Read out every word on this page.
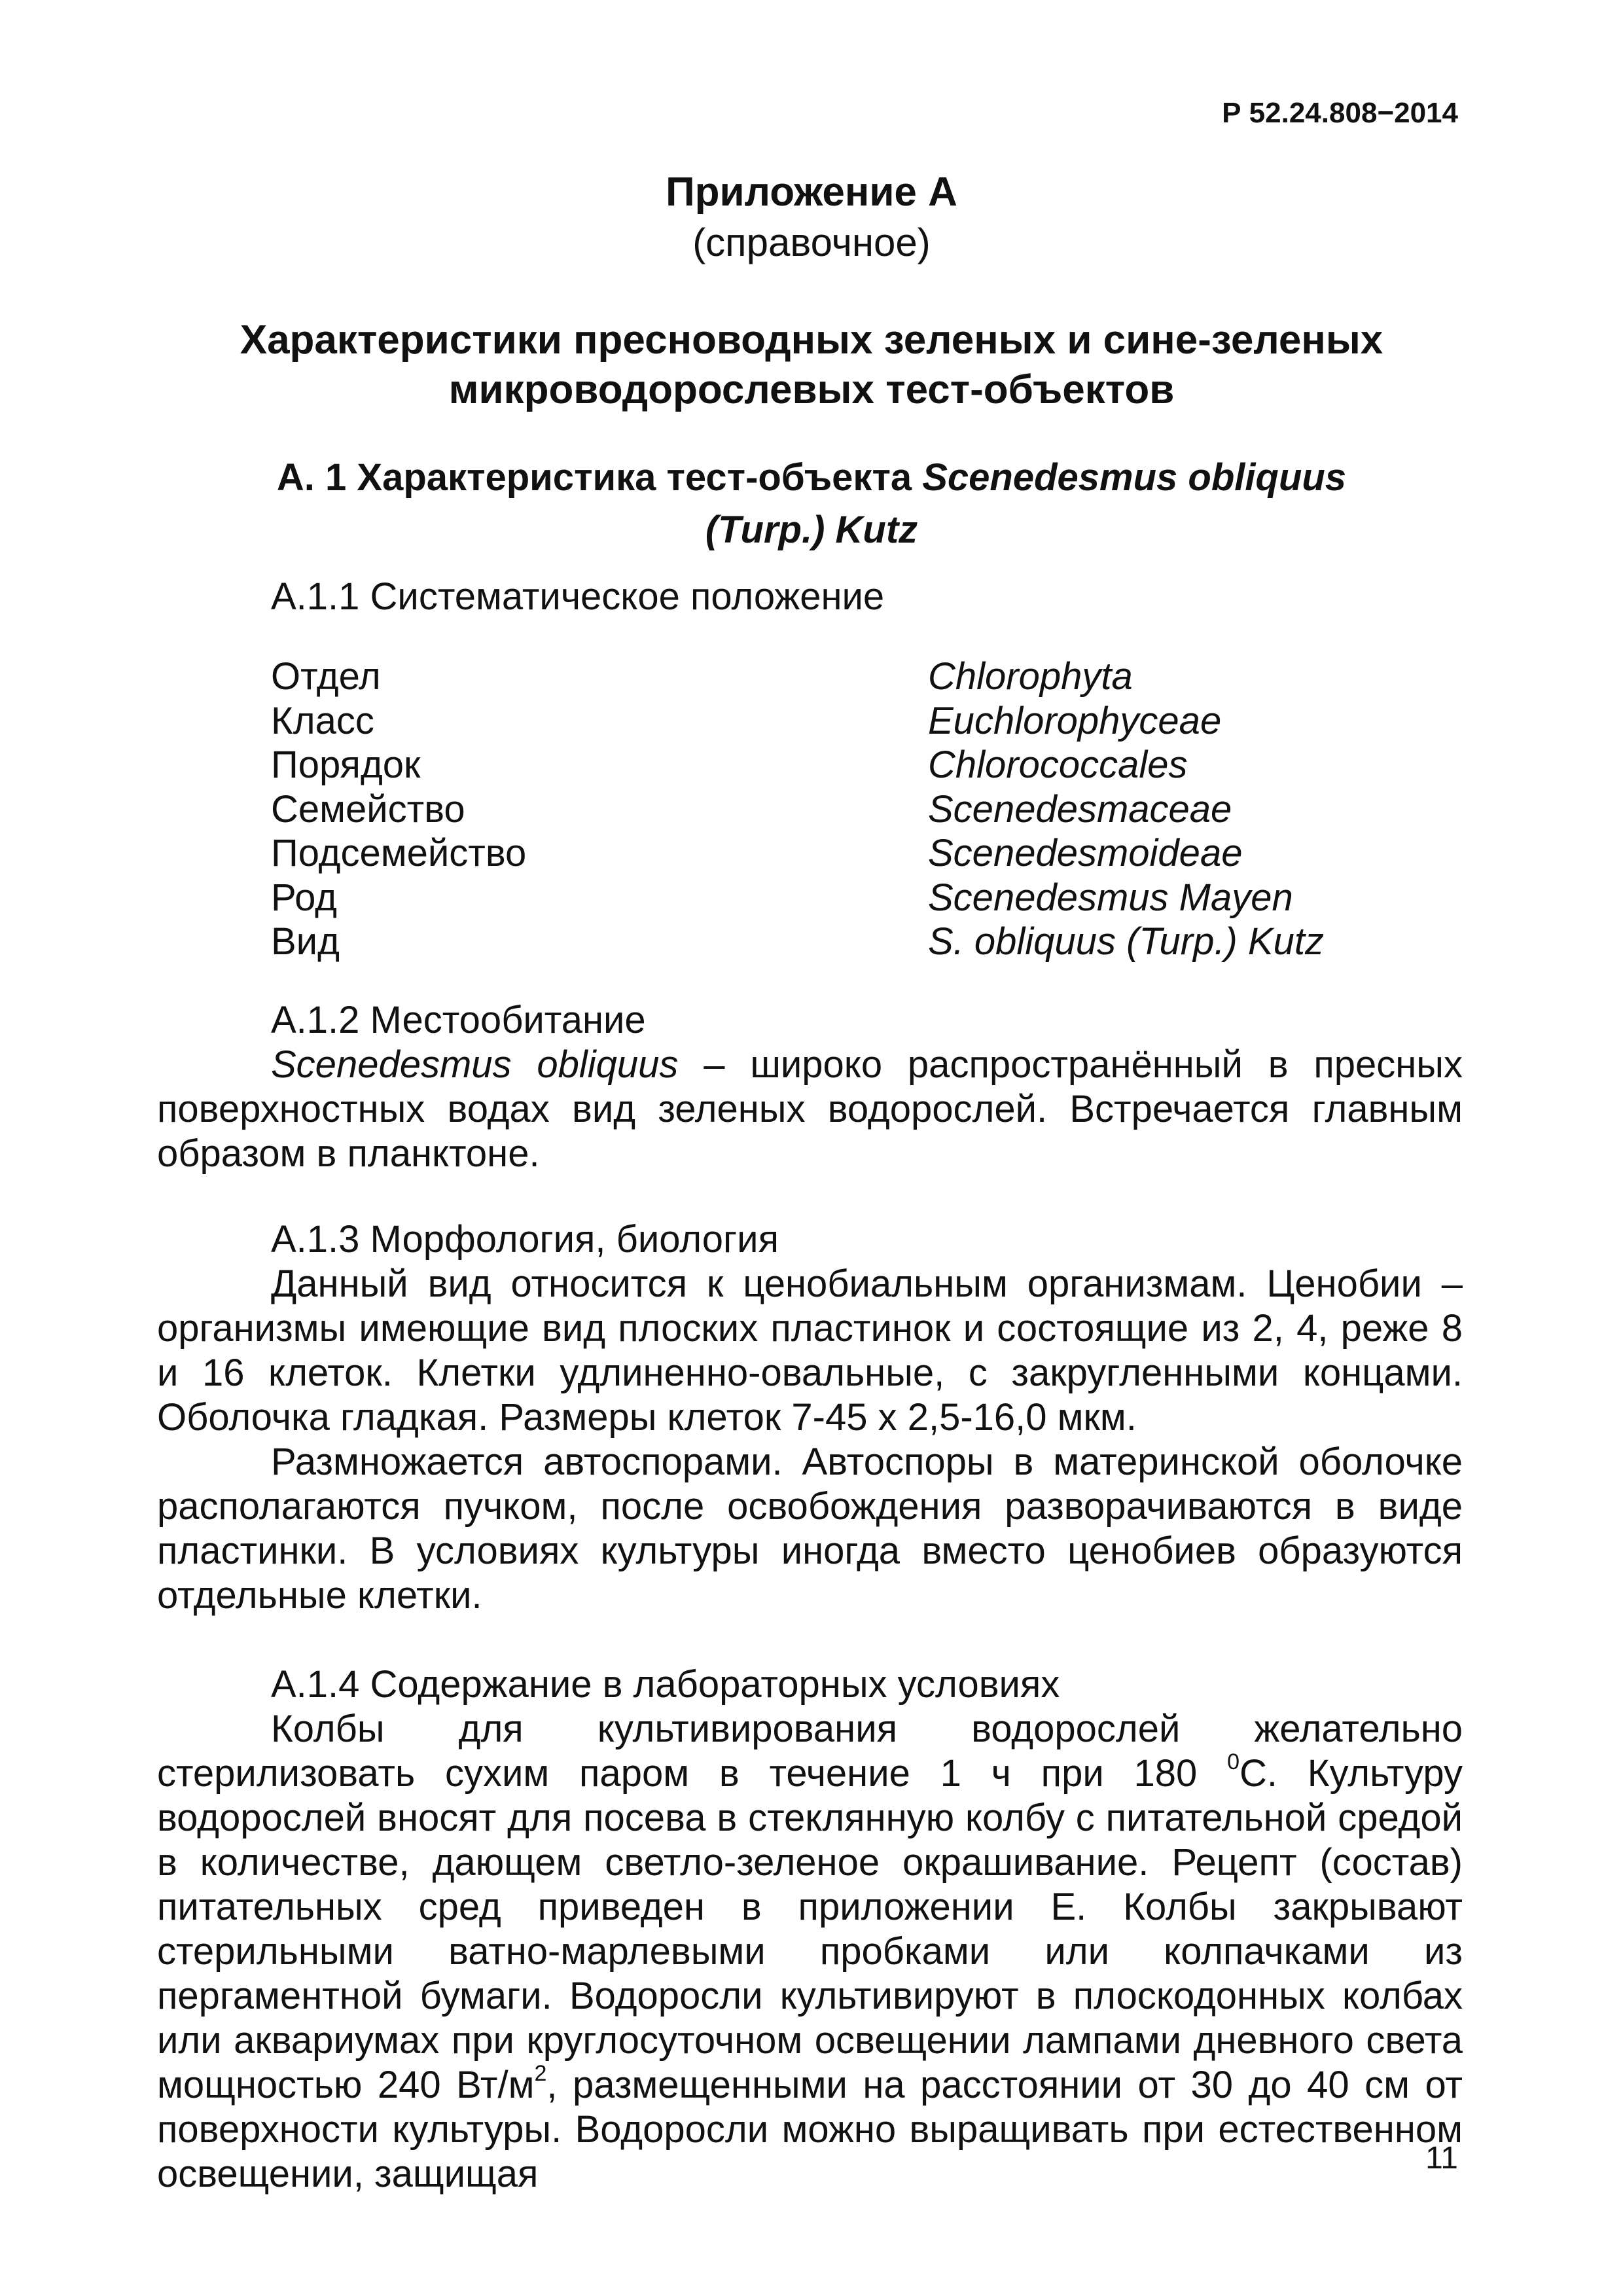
Р 52.24.808−2014
Приложение А
(справочное)
Характеристики пресноводных зеленых и сине-зеленых
микроводорослевых тест-объектов
А. 1 Характеристика тест-объекта Scenedesmus obliquus
(Turp.) Kutz
А.1.1 Систематическое положение
Отдел	Chlorophyta
Класс	Euchlorophyceae
Порядок	Chlorococcales
Семейство	Scenedesmaceae
Подсемейство	Scenedesmoideae
Род	Scenedesmus Mayen
Вид	S. obliquus (Turp.) Kutz
А.1.2 Местообитание
Scenedesmus obliquus – широко распространённый в пресных поверхностных водах вид зеленых водорослей. Встречается главным образом в планктоне.
А.1.3 Морфология, биология
Данный вид относится к ценобиальным организмам. Ценобии – организмы имеющие вид плоских пластинок и состоящие из 2, 4, реже 8 и 16 клеток. Клетки удлиненно-овальные, с закругленными концами. Оболочка гладкая. Размеры клеток 7-45 х 2,5-16,0 мкм.
Размножается автоспорами. Автоспоры в материнской оболочке располагаются пучком, после освобождения разворачиваются в виде пластинки. В условиях культуры иногда вместо ценобиев образуются отдельные клетки.
А.1.4 Содержание в лабораторных условиях
Колбы для культивирования водорослей желательно стерилизовать сухим паром в течение 1 ч при 180 $^0$С. Культуру водорослей вносят для посева в стеклянную колбу с питательной средой в количестве, дающем светло-зеленое окрашивание. Рецепт (состав) питательных сред приведен в приложении Е. Колбы закрывают стерильными ватно-марлевыми пробками или колпачками из пергаментной бумаги. Водоросли культивируют в плоскодонных колбах или аквариумах при круглосуточном освещении лампами дневного света мощностью 240 $Вт/м^2$, размещенными на расстоянии от 30 до 40 см от поверхности культуры. Водоросли можно выращивать при естественном освещении, защищая	11
